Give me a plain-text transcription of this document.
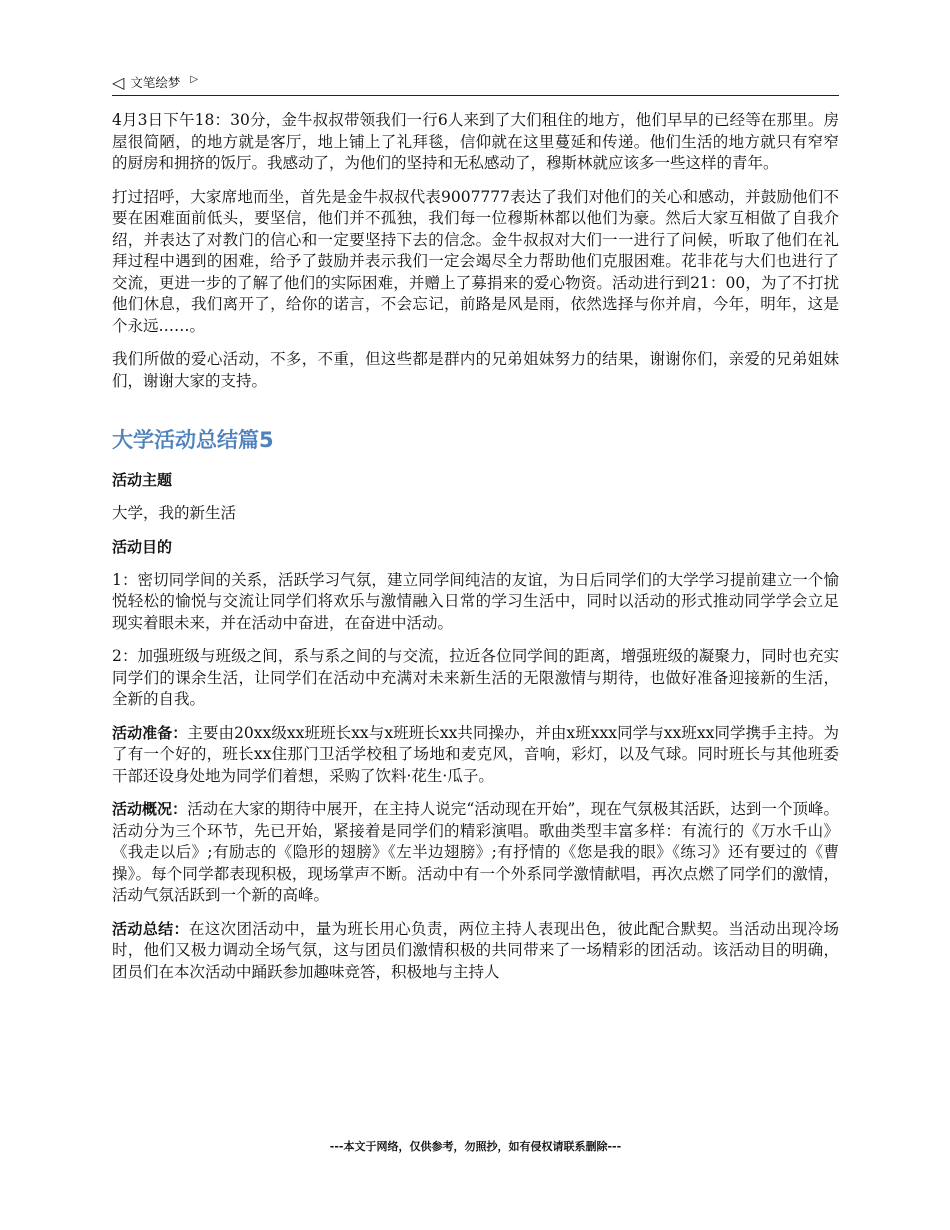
◁ 文笔绘梦 ▷

4月3日下午18：30分，金牛叔叔带领我们一行6人来到了大们租住的地方，他们早早的已经等在那里。房屋很简陋，的地方就是客厅，地上铺上了礼拜毯，信仰就在这里蔓延和传递。他们生活的地方就只有窄窄的厨房和拥挤的饭厅。我感动了，为他们的坚持和无私感动了，穆斯林就应该多一些这样的青年。

打过招呼，大家席地而坐，首先是金牛叔叔代表9007777表达了我们对他们的关心和感动，并鼓励他们不要在困难面前低头，要坚信，他们并不孤独，我们每一位穆斯林都以他们为豪。然后大家互相做了自我介绍，并表达了对教门的信心和一定要坚持下去的信念。金牛叔叔对大们一一进行了问候，听取了他们在礼拜过程中遇到的困难，给予了鼓励并表示我们一定会竭尽全力帮助他们克服困难。花非花与大们也进行了交流，更进一步的了解了他们的实际困难，并赠上了募捐来的爱心物资。活动进行到21：00，为了不打扰他们休息，我们离开了，给你的诺言，不会忘记，前路是风是雨，依然选择与你并肩，今年，明年，这是个永远……。

我们所做的爱心活动，不多，不重，但这些都是群内的兄弟姐妹努力的结果，谢谢你们，亲爱的兄弟姐妹们，谢谢大家的支持。

大学活动总结篇5
活动主题

大学，我的新生活

活动目的

1：密切同学间的关系，活跃学习气氛，建立同学间纯洁的友谊，为日后同学们的大学学习提前建立一个愉悦轻松的愉悦与交流让同学们将欢乐与激情融入日常的学习生活中，同时以活动的形式推动同学学会立足现实着眼未来，并在活动中奋进，在奋进中活动。

2：加强班级与班级之间，系与系之间的与交流，拉近各位同学间的距离，增强班级的凝聚力，同时也充实同学们的课余生活，让同学们在活动中充满对未来新生活的无限激情与期待，也做好准备迎接新的生活，全新的自我。

活动准备：主要由20xx级xx班班长xx与x班班长xx共同操办，并由x班xxx同学与xx班xx同学携手主持。为了有一个好的，班长xx住那门卫活学校租了场地和麦克风，音响，彩灯，以及气球。同时班长与其他班委干部还设身处地为同学们着想，采购了饮料·花生·瓜子。

活动概况：活动在大家的期待中展开，在主持人说完“活动现在开始”，现在气氛极其活跃，达到一个顶峰。活动分为三个环节，先已开始，紧接着是同学们的精彩演唱。歌曲类型丰富多样：有流行的《万水千山》《我走以后》;有励志的《隐形的翅膀》《左半边翅膀》;有抒情的《您是我的眼》《练习》还有要过的《曹操》。每个同学都表现积极，现场掌声不断。活动中有一个外系同学激情献唱，再次点燃了同学们的激情，活动气氛活跃到一个新的高峰。

活动总结：在这次团活动中，量为班长用心负责，两位主持人表现出色，彼此配合默契。当活动出现冷场时，他们又极力调动全场气氛，这与团员们激情积极的共同带来了一场精彩的团活动。该活动目的明确，团员们在本次活动中踊跃参加趣味竞答，积极地与主持人

---本文于网络，仅供参考，勿照抄，如有侵权请联系删除---
